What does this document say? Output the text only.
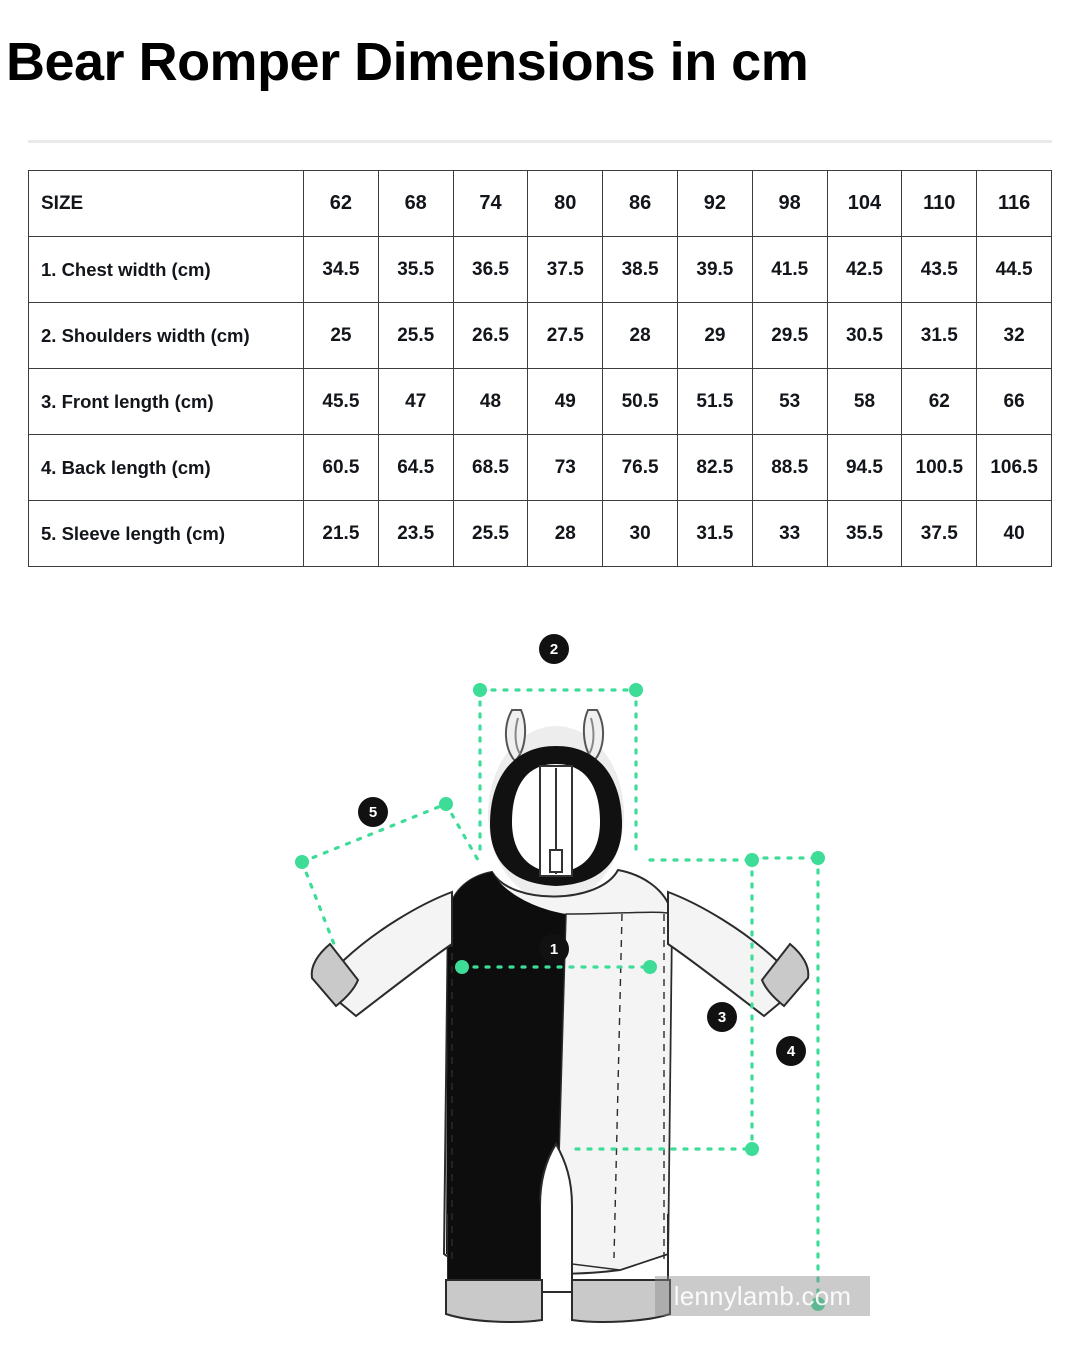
Bear Romper Dimensions in cm
SIZE	62	68	74	80	86	92	98	104	110	116
1. Chest width (cm)	34.5	35.5	36.5	37.5	38.5	39.5	41.5	42.5	43.5	44.5
2. Shoulders width (cm)	25	25.5	26.5	27.5	28	29	29.5	30.5	31.5	32
3. Front length (cm)	45.5	47	48	49	50.5	51.5	53	58	62	66
4. Back length (cm)	60.5	64.5	68.5	73	76.5	82.5	88.5	94.5	100.5	106.5
5. Sleeve length (cm)	21.5	23.5	25.5	28	30	31.5	33	35.5	37.5	40
2
1
3
4
5
lennylamb.com
